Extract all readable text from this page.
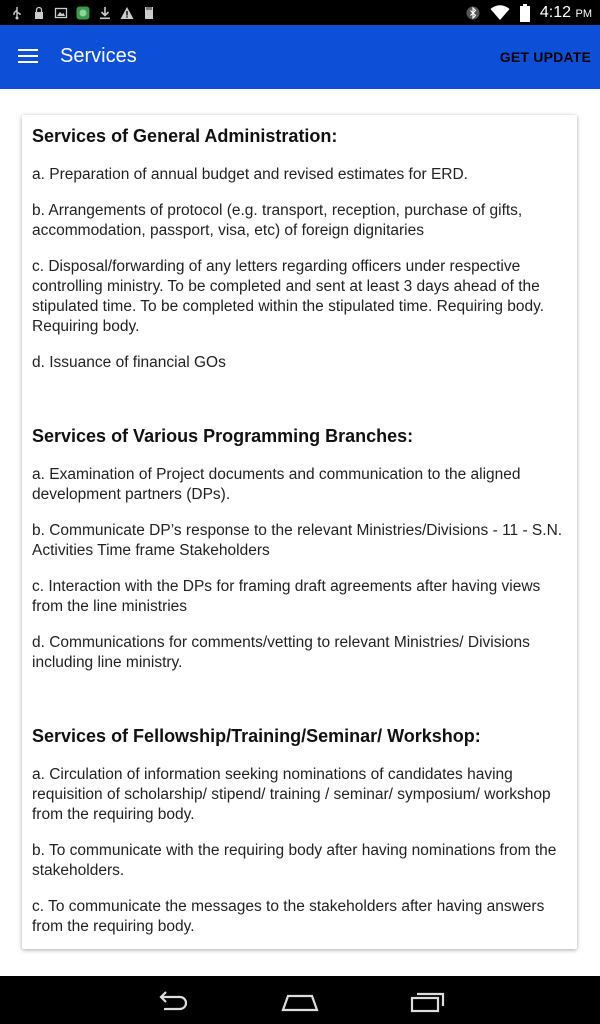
4:12 PM
Services	GET UPDATE
Services of General Administration:

a. Preparation of annual budget and revised estimates for ERD.

b. Arrangements of protocol (e.g. transport, reception, purchase of gifts, accommodation, passport, visa, etc) of foreign dignitaries

c. Disposal/forwarding of any letters regarding officers under respective controlling ministry. To be completed and sent at least 3 days ahead of the stipulated time. To be completed within the stipulated time. Requiring body. Requiring body.

d. Issuance of financial GOs

Services of Various Programming Branches:

a. Examination of Project documents and communication to the aligned development partners (DPs).

b. Communicate DP’s response to the relevant Ministries/Divisions - 11 - S.N. Activities Time frame Stakeholders

c. Interaction with the DPs for framing draft agreements after having views from the line ministries

d. Communications for comments/vetting to relevant Ministries/ Divisions including line ministry.

Services of Fellowship/Training/Seminar/ Workshop:

a. Circulation of information seeking nominations of candidates having requisition of scholarship/ stipend/ training / seminar/ symposium/ workshop from the requiring body.

b. To communicate with the requiring body after having nominations from the stakeholders.

c. To communicate the messages to the stakeholders after having answers from the requiring body.
